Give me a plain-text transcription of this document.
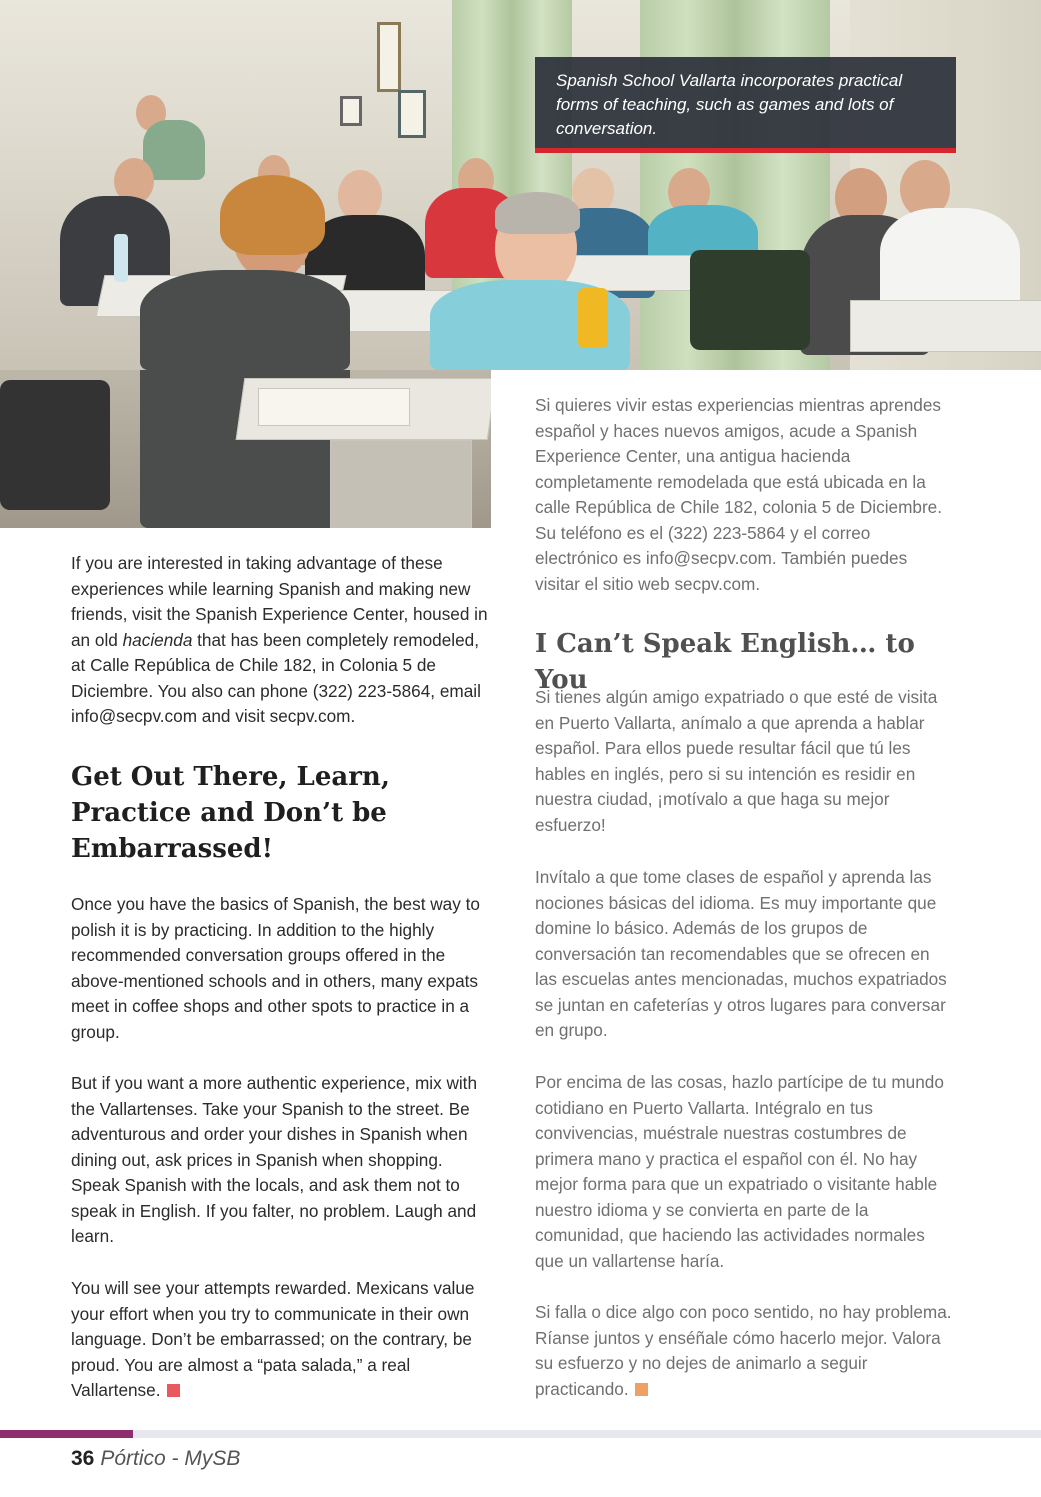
Spanish School Vallarta incorporates practical forms of teaching, such as games and lots of conversation.

If you are interested in taking advantage of these experiences while learning Spanish and making new friends, visit the Spanish Experience Center, housed in an old hacienda that has been completely remodeled, at Calle República de Chile 182, in Colonia 5 de Diciembre. You also can phone (322) 223-5864, email info@secpv.com and visit secpv.com.

Get Out There, Learn, Practice and Don’t be Embarrassed!

Once you have the basics of Spanish, the best way to polish it is by practicing. In addition to the highly recommended conversation groups offered in the above-mentioned schools and in others, many expats meet in coffee shops and other spots to practice in a group.

But if you want a more authentic experience, mix with the Vallartenses. Take your Spanish to the street. Be adventurous and order your dishes in Spanish when dining out, ask prices in Spanish when shopping. Speak Spanish with the locals, and ask them not to speak in English. If you falter, no problem. Laugh and learn.

You will see your attempts rewarded. Mexicans value your effort when you try to communicate in their own language. Don’t be embarrassed; on the contrary, be proud. You are almost a “pata salada,” a real Vallartense.

Si quieres vivir estas experiencias mientras aprendes español y haces nuevos amigos, acude a Spanish Experience Center, una antigua hacienda completamente remodelada que está ubicada en la calle República de Chile 182, colonia 5 de Diciembre. Su teléfono es el (322) 223-5864 y el correo electrónico es info@secpv.com. También puedes visitar el sitio web secpv.com.

I Can’t Speak English… to You

Si tienes algún amigo expatriado o que esté de visita en Puerto Vallarta, anímalo a que aprenda a hablar español. Para ellos puede resultar fácil que tú les hables en inglés, pero si su intención es residir en nuestra ciudad, ¡motívalo a que haga su mejor esfuerzo!

Invítalo a que tome clases de español y aprenda las nociones básicas del idioma. Es muy importante que domine lo básico. Además de los grupos de conversación tan recomendables que se ofrecen en las escuelas antes mencionadas, muchos expatriados se juntan en cafeterías y otros lugares para conversar en grupo.

Por encima de las cosas, hazlo partícipe de tu mundo cotidiano en Puerto Vallarta. Intégralo en tus convivencias, muéstrale nuestras costumbres de primera mano y practica el español con él. No hay mejor forma para que un expatriado o visitante hable nuestro idioma y se convierta en parte de la comunidad, que haciendo las actividades normales que un vallartense haría.

Si falla o dice algo con poco sentido, no hay problema. Ríanse juntos y enséñale cómo hacerlo mejor. Valora su esfuerzo y no dejes de animarlo a seguir practicando.

36 Pórtico - MySB
